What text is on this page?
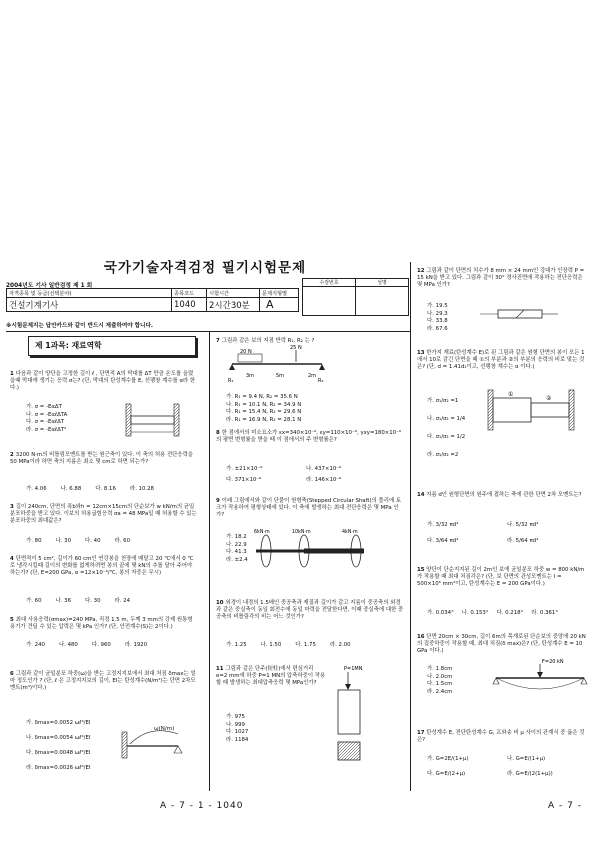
국가기술자격검정 필기시험문제
2004년도 기사 일반검정 제 1 회	수검번호	성명

자격종목 및 등급(선택분야)	종목코드	시험시간	문제지형별
건설기계기사	1040	2시간30분	A
※시험문제지는 답안카드와 같이 반드시 제출하여야 합니다.
제 1과목: 재료역학
1 다음과 같이 양단을 고정한 길이 ℓ , 단면적 A의 막대를 ΔT 만큼 온도를 올렸을때 막대에 생기는 응력 σ는? (단, 막대의 탄성계수를 E, 선팽창 계수를 α라 한다.)
가. σ = -EαΔT
나. σ = -EαℓΔTA
다. σ = -EαℓΔT
라. σ = -EαℓΔT²
2 3200 N·m의 비틀림모멘트를 받는 원근축이 있다. 이 축의 허용 전단응력을 50 MPa이라 하면 축의 지름은 최소 몇 cm로 하면 되는가?
가. 4.06	나. 6.88	다. 8.16	라. 10.28
3 길이 240cm, 단면의 폭b와h = 12cm×15cm의 단순보가 w kN/m의 균일분포하중을 받고 있다. 이보의 허용굽힘응력 σa = 48 MPa일 때 허용할 수 있는 분포하중의 최대값은?
가. 80	나. 30	다. 40	라. 60
4 단면적이 5 cm², 길이가 60 cm인 연강봉을 천장에 매달고 20 ℃에서 0 ℃로 냉각시킬때 길이의 변화를 없게하려면 봉의 끝에 몇 kN의 추를 달아 주어야 하는가? (단, E=200 GPa, α =12×10⁻⁶/℃, 봉의 자중은 무시)
가. 60	나. 36	다. 30	라. 24
5 최대 사용응력(σmax)=240 MPa, 직경 1.5 m, 두께 3 mm의 강제 원통형 용기가 견딜 수 있는 압력은 몇 kPa 인가? (단, 안전계수(S)는 2이다.)
가. 240	나. 480	다. 960	라. 1920
6 그림과 같이 균일분포 하중(ω)을 받는 고정지지보에서 최대 처짐 δmax는 얼마 정도인가 ? (단, ℓ 은 고정지지보의 길이, EI는 탄성계수(N/m²)는 단면 2차모멘트(m⁴)이다.)
가. δmax=0.0052 ωℓ⁴/EI
나. δmax=0.0054 ωℓ⁴/EI
다. δmax=0.0048 ωℓ⁴/EI
라. δmax=0.0026 ωℓ⁴/EI
ω(N/m)
7 그림과 같은 보의 지점 반력 R₁, R₂ 는 ?
20 N
25 N
3m	5m	2m
R₁	R₂
가. R₁ = 9.4 N, R₂ = 35.6 N
나. R₁ = 10.1 N, R₂ = 34.9 N
다. R₁ = 15.4 N, R₂ = 29.6 N
라. R₁ = 16.9 N, R₂ = 28.1 N
8 한 점에서의 미소요소가 εx=340×10⁻⁶, εy=110×10⁻⁶, γxy=180×10⁻⁶ 의 평면 변형률을 받을 때 이 점에서의 주 변형률은?
가. ±21×10⁻⁶	나. 437×10⁻⁶
다. 371×10⁻⁶	라. 146×10⁻⁶
9 이래 그림에서와 같이 단붙이 원형축(Stepped Circular Shaft)의 풀리에 토크가 작용하여 평형상태에 있다. 이 축에 발생하는 최대 전단응력은 몇 MPa 인가?
가. 18.2
나. 22.9
다. 41.3
라. ±2.4
6kN·m	10kN·m	4kN·m
10 외경이 내경의 1.5배인 중공축과 재질과 길이가 같고 지름이 중공축의 외경과 같은 중실축이 동일 회전수에 동일 마력을 전달한다면, 이때 중실축에 대한 중공축의 비틀림각의 비는 어느 것인가?
가. 1.25	나. 1.50	다. 1.75	라. 2.00
11 그림과 같은 단주(短柱)에서 편심거리 e=2 mm에 하중 P=1 MN의 압축하중이 작용할 때 발생하는 최대압축응력 몇 MPa인가?
가. 975
나. 999
다. 1027
라. 1184
P=1MN
12 그림과 같이 단면의 치수가 8 mm × 24 mm인 강대가 인장력 P = 15 kN을 받고 있다. 그림과 같이 30° 경사진면에 작용하는 전단응력은 몇 MPa 인가?
가. 19.5
나. 29.3
다. 33.8
라. 67.6
13 한가지 재료(탄성계수 E)로 된 그림과 같은 원형 단면의 봉이 모든 1에서 10로 감긴 단면을 때 ①의 부분과 ②의 부분의 응력의 비로 맞는 것은? (단, d = 1.41d₁이고, 선팽창 계수는 α 이다.)
가. σ₁/σ₂ =1
나. σ₁/σ₂ = 1/4
다. σ₁/σ₂ = 1/2
라. σ₁/σ₂ =2
①
②
14 지름 d인 원형단면의 원주에 접하는 축에 관한 단면 2차 모멘트는?
가. 3/32 πd⁴	나. 5/32 πd⁴
다. 3/64 πd⁴	라. 5/64 πd⁴
15 양단이 단순지지된 길이 2m인 보에 균일분포 하중 w = 800 kN/m가 작용할 때 최대 처짐각은? (단, 보 단면의 관성모멘트는 I = 500×10⁶ mm⁴이고, 탄성계수는 E = 200 GPa이다.)
가. 0.034° 나. 0.153° 다. 0.218° 라. 0.361°
16 단면 20cm × 30cm, 길이 6m의 목재로된 단순보의 중앙에 20 kN의 집중하중이 작용할 때, 최대 처짐(δ max)은? (단, 탄성계수 E = 10 GPa 이다.)
가. 1.8cm
나. 2.0cm
다. 1.5cm
라. 2.4cm
F=20 kN
17 탄성계수 E, 전단탄성계수 G, 프와송 비 μ 사이의 관계식 중 옳은 것은?
가. G=2E/(1+μ)	나. G=E/(1+μ)
다. G=E/(2+μ)	라. G=E/(2(1+μ))
A - 7 - 1 - 1040	A - 7 -
